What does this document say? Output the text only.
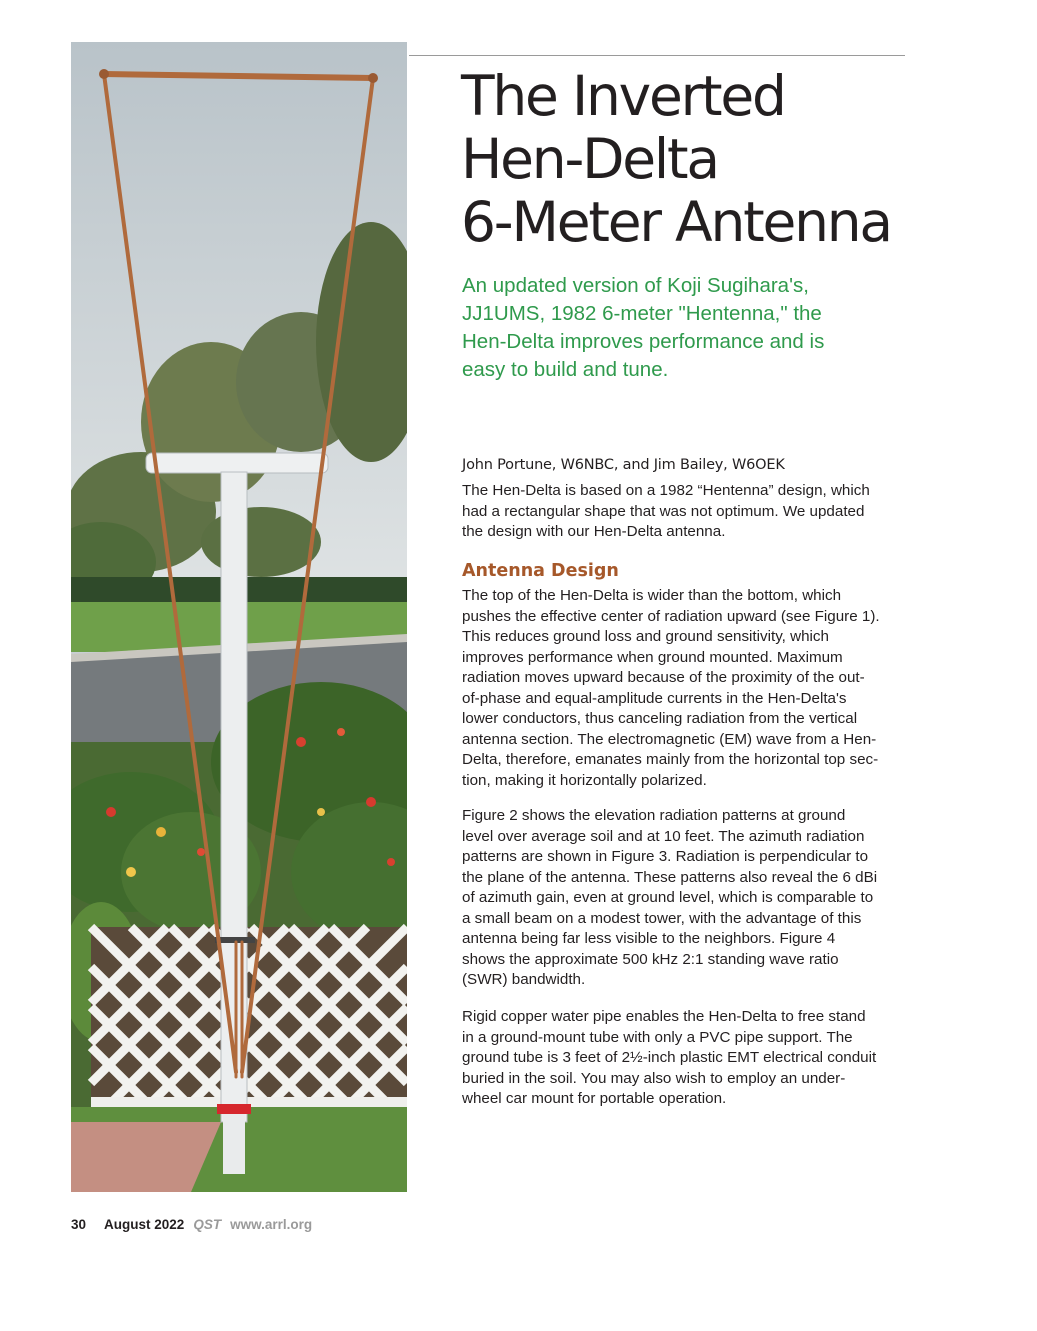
The Inverted
Hen-Delta
6-Meter Antenna

An updated version of Koji Sugihara's,
JJ1UMS, 1982 6-meter "Hentenna," the
Hen-Delta improves performance and is
easy to build and tune.

John Portune, W6NBC, and Jim Bailey, W6OEK

The Hen-Delta is based on a 1982 “Hentenna” design, which
had a rectangular shape that was not optimum. We updated
the design with our Hen-Delta antenna.
Antenna Design
The top of the Hen-Delta is wider than the bottom, which
pushes the effective center of radiation upward (see Figure 1).
This reduces ground loss and ground sensitivity, which
improves performance when ground mounted. Maximum
radiation moves upward because of the proximity of the out-
of-phase and equal-amplitude currents in the Hen-Delta's
lower conductors, thus canceling radiation from the vertical
antenna section. The electromagnetic (EM) wave from a Hen-
Delta, therefore, emanates mainly from the horizontal top sec-
tion, making it horizontally polarized.
Figure 2 shows the elevation radiation patterns at ground
level over average soil and at 10 feet. The azimuth radiation
patterns are shown in Figure 3. Radiation is perpendicular to
the plane of the antenna. These patterns also reveal the 6 dBi
of azimuth gain, even at ground level, which is comparable to
a small beam on a modest tower, with the advantage of this
antenna being far less visible to the neighbors. Figure 4
shows the approximate 500 kHz 2:1 standing wave ratio
(SWR) bandwidth.
Rigid copper water pipe enables the Hen-Delta to free stand
in a ground-mount tube with only a PVC pipe support. The
ground tube is 3 feet of 2½-inch plastic EMT electrical conduit
buried in the soil. You may also wish to employ an under-
wheel car mount for portable operation.

30 August 2022 QST www.arrl.org
